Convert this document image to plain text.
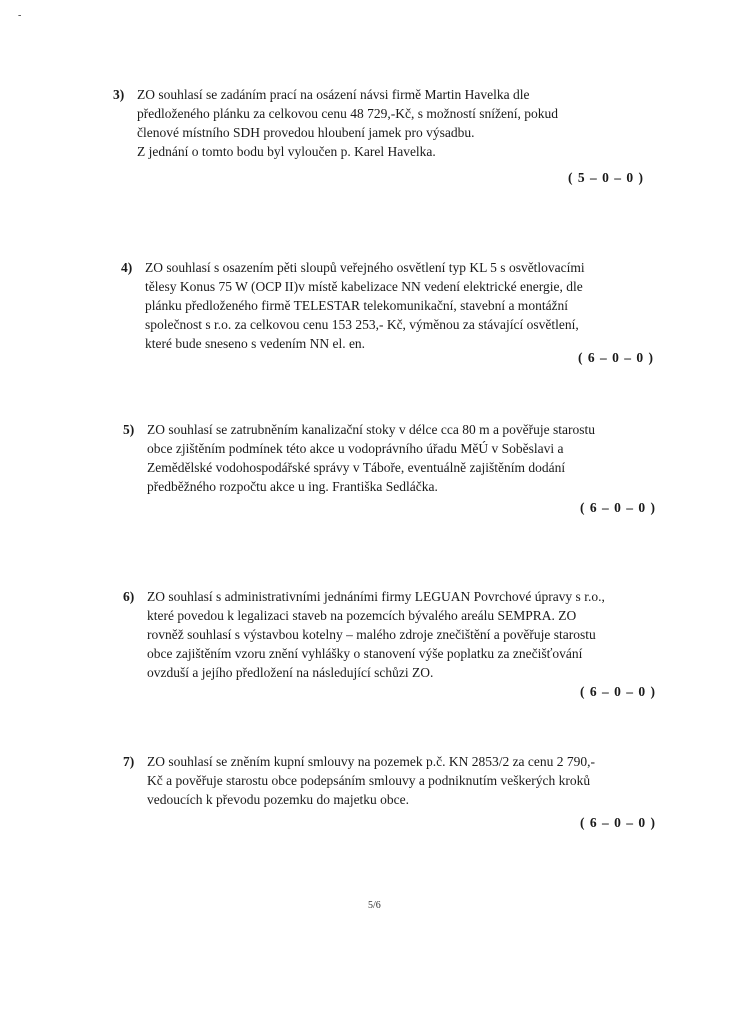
-
3) ZO souhlasí se zadáním prací na osázení návsi firmě Martin Havelka dle
předloženého plánku za celkovou cenu 48 729,-Kč, s možností snížení, pokud
členové místního SDH provedou hloubení jamek pro výsadbu.
Z jednání o tomto bodu byl vyloučen p. Karel Havelka.
( 5 – 0 – 0 )
4) ZO souhlasí s osazením pěti sloupů veřejného osvětlení typ KL 5 s osvětlovacími
tělesy Konus 75 W (OCP II)v místě kabelizace NN vedení elektrické energie, dle
plánku předloženého firmě TELESTAR telekomunikační, stavební a montážní
společnost s r.o. za celkovou cenu 153 253,- Kč, výměnou za stávající osvětlení,
které bude sneseno s vedením NN el. en.
( 6 – 0 – 0 )
5) ZO souhlasí se zatrubněním kanalizační stoky v délce cca 80 m a pověřuje starostu
obce zjištěním podmínek této akce u vodoprávního úřadu MěÚ v Soběslavi a
Zemědělské vodohospodářské správy v Táboře, eventuálně zajištěním dodání
předběžného rozpočtu akce u ing. Františka Sedláčka.
( 6 – 0 – 0 )
6) ZO souhlasí s administrativními jednáními firmy LEGUAN Povrchové úpravy s r.o.,
které povedou k legalizaci staveb na pozemcích bývalého areálu SEMPRA. ZO
rovněž souhlasí s výstavbou kotelny – malého zdroje znečištění a pověřuje starostu
obce zajištěním vzoru znění vyhlášky o stanovení výše poplatku za znečišťování
ovzduší a jejího předložení na následující schůzi ZO.
( 6 – 0 – 0 )
7) ZO souhlasí se zněním kupní smlouvy na pozemek p.č. KN 2853/2 za cenu 2 790,-
Kč a pověřuje starostu obce podepsáním smlouvy a podniknutím veškerých kroků
vedoucích k převodu pozemku do majetku obce.
( 6 – 0 – 0 )
5/6
